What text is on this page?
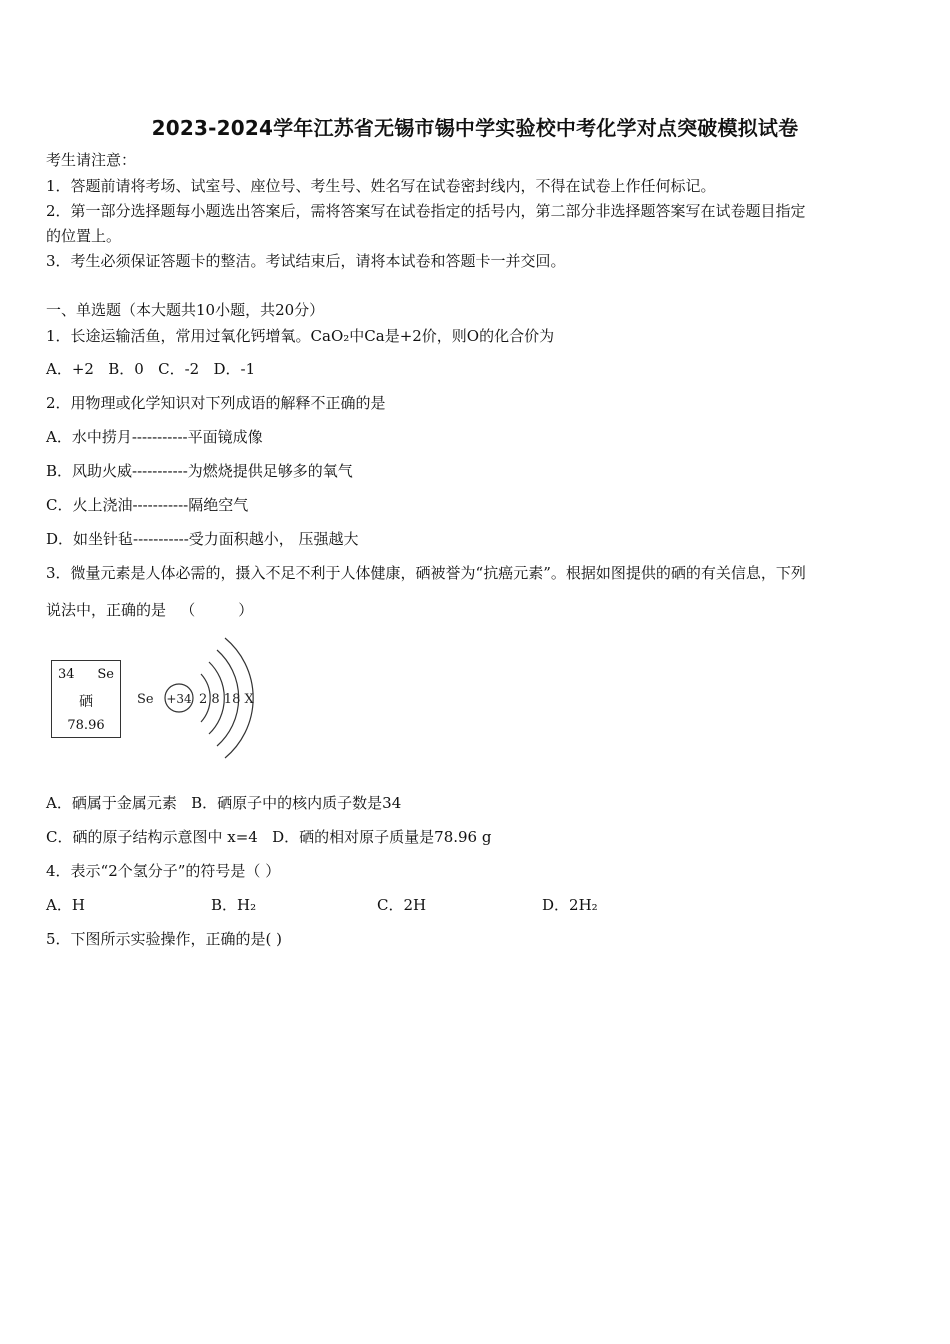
2023-2024学年江苏省无锡市锡中学实验校中考化学对点突破模拟试卷
考生请注意：
1．答题前请将考场、试室号、座位号、考生号、姓名写在试卷密封线内，不得在试卷上作任何标记。
2．第一部分选择题每小题选出答案后，需将答案写在试卷指定的括号内，第二部分非选择题答案写在试卷题目指定
的位置上。
3．考生必须保证答题卡的整洁。考试结束后，请将本试卷和答题卡一并交回。
一、单选题（本大题共10小题，共20分）
1．长途运输活鱼，常用过氧化钙增氧。CaO₂中Ca是+2价，则O的化合价为
A．+2   B．0   C．-2   D．-1
2．用物理或化学知识对下列成语的解释不正确的是
A．水中捞月-----------平面镜成像
B．风助火威-----------为燃烧提供足够多的氧气
C．火上浇油-----------隔绝空气
D．如坐针毡-----------受力面积越小， 压强越大
3．微量元素是人体必需的，摄入不足不利于人体健康，硒被誉为“抗癌元素”。根据如图提供的硒的有关信息，下列
说法中，正确的是   （         ）
34 Se
硒
78.96
Se +34 2 8 18 X
A．硒属于金属元素   B．硒原子中的核内质子数是34
C．硒的原子结构示意图中 x=4   D．硒的相对原子质量是78.96 g
4．表示“2个氢分子”的符号是（ ）
A．H	B．H₂	C．2H	D．2H₂
5．下图所示实验操作，正确的是( )
